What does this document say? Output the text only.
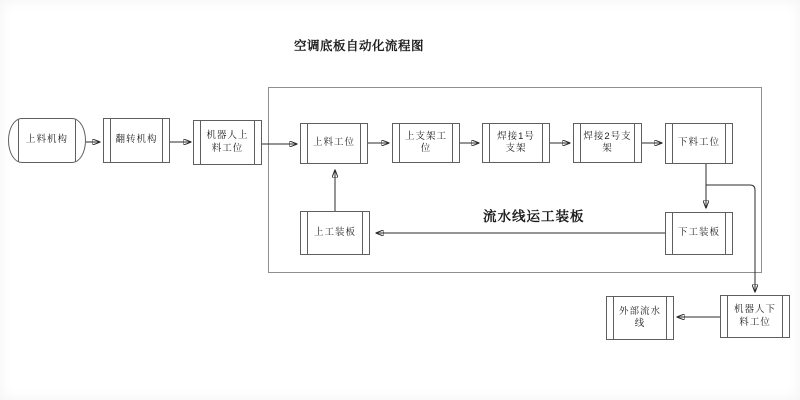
空调底板自动化流程图
流水线运工装板
上料机构	翻转机构	机器人上料工位	上料工位
上支架工位
焊接1号支架
焊接2号支架
下料工位
上工装板	下工装板
外部流水线
机器人下料工位
